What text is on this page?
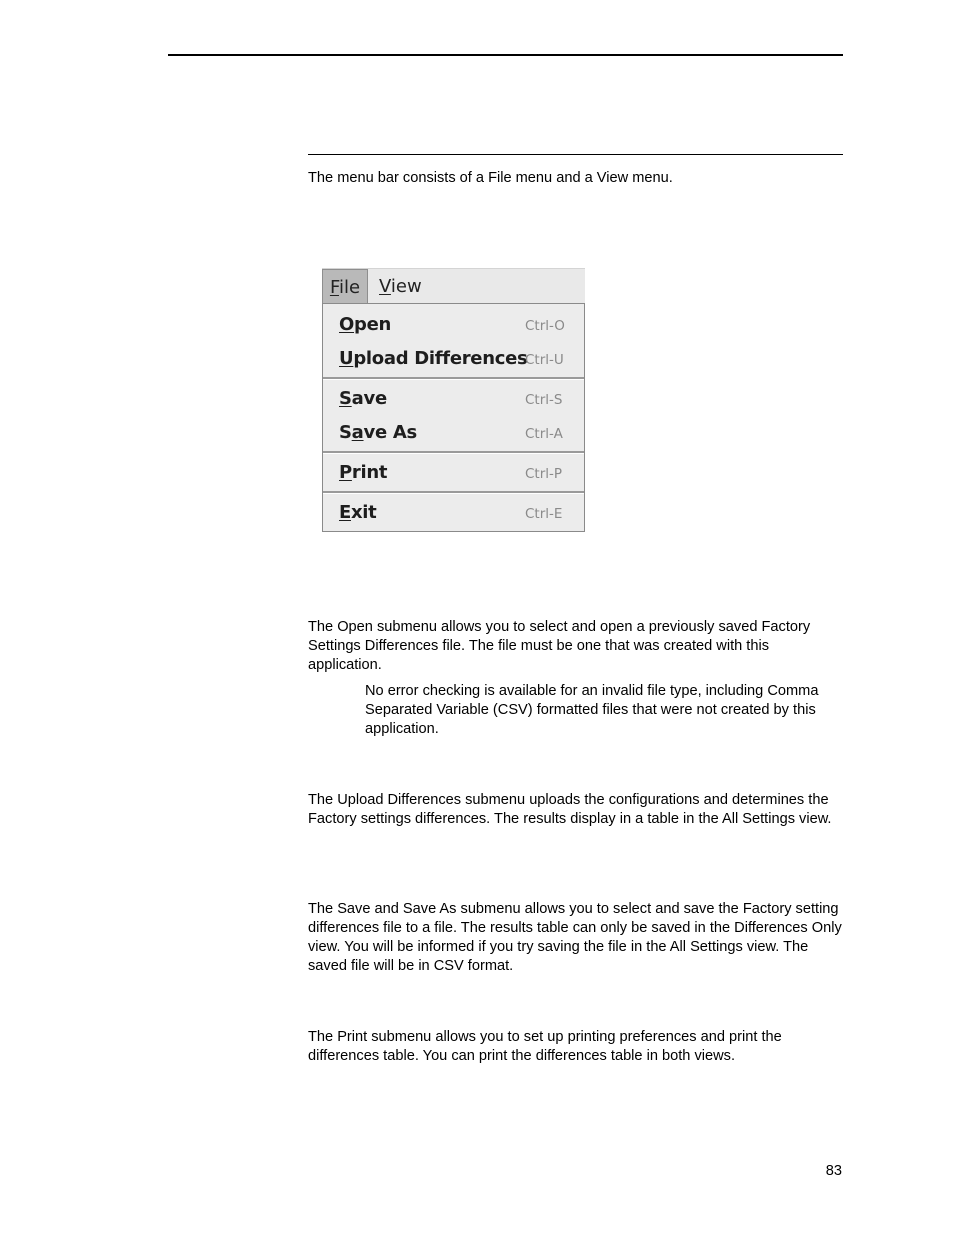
The menu bar consists of a File menu and a View menu.

File	View
Open	Ctrl-O
Upload Differences
Ctrl-U
Save	Ctrl-S
Save As	Ctrl-A
Print	Ctrl-P
Exit	Ctrl-E

The Open submenu allows you to select and open a previously saved Factory Settings Differences file. The file must be one that was created with this application.

No error checking is available for an invalid file type, including Comma Separated Variable (CSV) formatted files that were not created by this application.

The Upload Differences submenu uploads the configurations and determines the Factory settings differences. The results display in a table in the All Settings view.

The Save and Save As submenu allows you to select and save the Factory setting differences file to a file. The results table can only be saved in the Differences Only view. You will be informed if you try saving the file in the All Settings view. The saved file will be in CSV format.

The Print submenu allows you to set up printing preferences and print the differences table. You can print the differences table in both views.

83
